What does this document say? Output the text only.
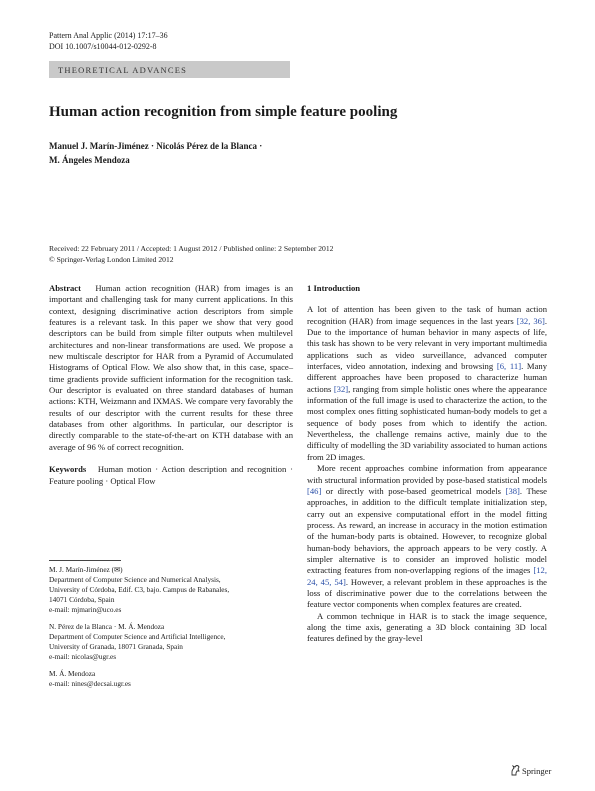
Pattern Anal Applic (2014) 17:17–36
DOI 10.1007/s10044-012-0292-8
THEORETICAL ADVANCES
Human action recognition from simple feature pooling
Manuel J. Marín-Jiménez · Nicolás Pérez de la Blanca ·
M. Ángeles Mendoza
Received: 22 February 2011 / Accepted: 1 August 2012 / Published online: 2 September 2012
© Springer-Verlag London Limited 2012

Abstract Human action recognition (HAR) from images is an important and challenging task for many current applications. In this context, designing discriminative action descriptors from simple features is a relevant task. In this paper we show that very good descriptors can be build from simple filter outputs when multilevel architectures and non-linear transformations are used. We propose a new multiscale descriptor for HAR from a Pyramid of Accumulated Histograms of Optical Flow. We also show that, in this case, space–time gradients provide sufficient information for the recognition task. Our descriptor is evaluated on three standard databases of human actions: KTH, Weizmann and IXMAS. We compare very favorably the results of our descriptor with the current results for these three databases from other algorithms. In particular, our descriptor is directly comparable to the state-of-the-art on KTH database with an average of 96 % of correct recognition.

Keywords Human motion · Action description and recognition · Feature pooling · Optical Flow

M. J. Marín-Jiménez (✉)
Department of Computer Science and Numerical Analysis,
University of Córdoba, Edif. C3, bajo. Campus de Rabanales,
14071 Córdoba, Spain
e-mail: mjmarin@uco.es
N. Pérez de la Blanca · M. Á. Mendoza
Department of Computer Science and Artificial Intelligence,
University of Granada, 18071 Granada, Spain
e-mail: nicolas@ugr.es
M. Á. Mendoza
e-mail: nines@decsai.ugr.es

1 Introduction

A lot of attention has been given to the task of human action recognition (HAR) from image sequences in the last years [32, 36]. Due to the importance of human behavior in many aspects of life, this task has shown to be very relevant in very important multimedia applications such as video surveillance, advanced computer interfaces, video annotation, indexing and browsing [6, 11]. Many different approaches have been proposed to characterize human actions [32], ranging from simple holistic ones where the appearance information of the full image is used to characterize the action, to the most complex ones fitting sophisticated human-body models to get a sequence of body poses from which to identify the action. Nevertheless, the challenge remains active, mainly due to the difficulty of modelling the 3D variability associated to human actions from 2D images.

More recent approaches combine information from appearance with structural information provided by pose-based statistical models [46] or directly with pose-based geometrical models [38]. These approaches, in addition to the difficult template initialization step, carry out an expensive computational effort in the model fitting process. As reward, an increase in accuracy in the motion estimation of the human-body parts is obtained. However, to recognize global human-body behaviors, the approach appears to be very costly. A simpler alternative is to consider an improved holistic model extracting features from non-overlapping regions of the images [12, 24, 45, 54]. However, a relevant problem in these approaches is the loss of discriminative power due to the correlations between the feature vector components when complex features are created.

A common technique in HAR is to stack the image sequence, along the time axis, generating a 3D block containing 3D local features defined by the gray-level

Springer
